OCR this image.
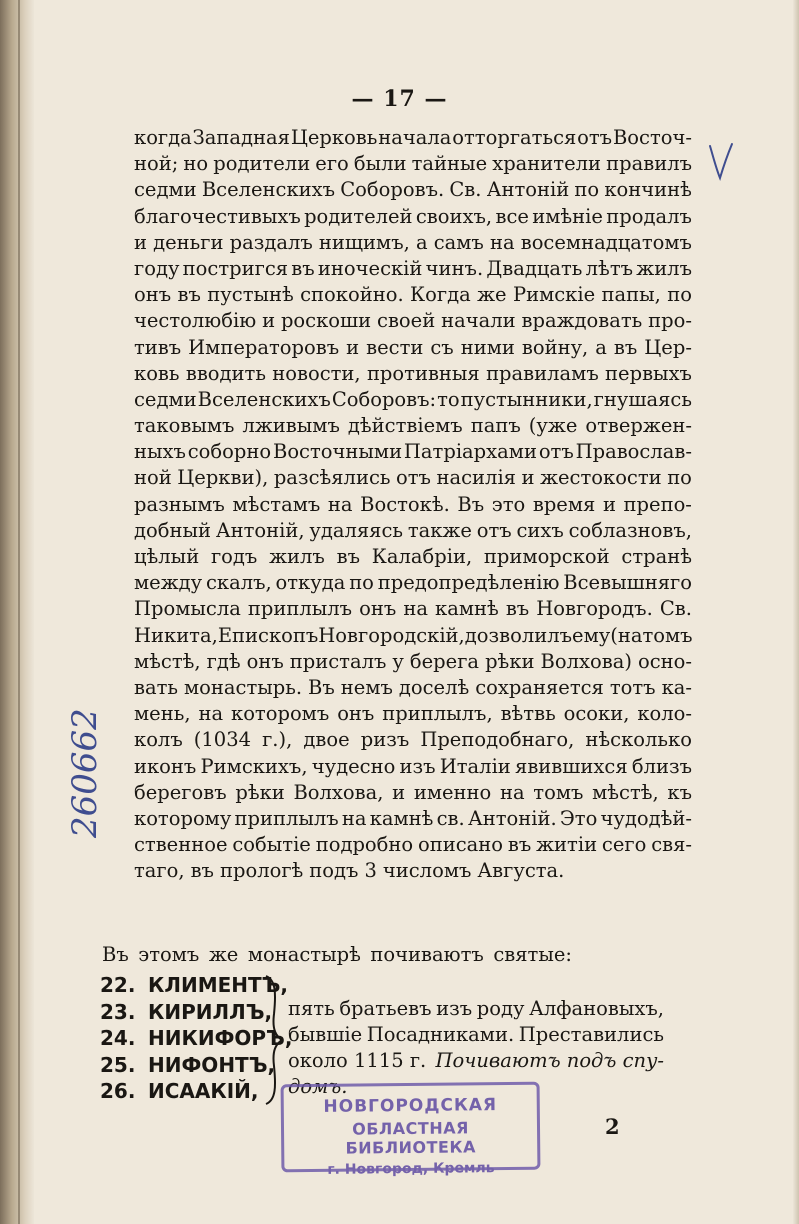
— 17 —
когда Западная Церковь начала отторгаться отъ Восточ-
ной; но родители его были тайные хранители правилъ
седми Вселенскихъ Соборовъ. Св. Антонiй по кончинѣ
благочестивыхъ родителей своихъ, все имѣнiе продалъ
и деньги раздалъ нищимъ, а самъ на восемнадцатомъ
году постригся въ иноческiй чинъ. Двадцать лѣтъ жилъ
онъ въ пустынѣ спокойно. Когда же Римскiе папы, по
честолюбiю и роскоши своей начали враждовать про-
тивъ Императоровъ и вести съ ними войну, а въ Цер-
ковь вводить новости, противныя правиламъ первыхъ
седми Вселенскихъ Соборовъ: то пустынники, гнушаясь
таковымъ лживымъ дѣйствiемъ папъ (уже отвержен-
ныхъ соборно Восточными Патрiархами отъ Православ-
ной Церкви), разсѣялись отъ насилiя и жестокости по
разнымъ мѣстамъ на Востокѣ. Въ это время и препо-
добный Антонiй, удаляясь также отъ сихъ соблазновъ,
цѣлый годъ жилъ въ Калабрiи, приморской странѣ
между скалъ, откуда по предопредѣленiю Всевышняго
Промысла приплылъ онъ на камнѣ въ Новгородъ. Св.
Никита, Епископъ Новгородскiй, дозволилъ ему (на томъ
мѣстѣ, гдѣ онъ присталъ у берега рѣки Волхова) осно-
вать монастырь. Въ немъ доселѣ сохраняется тотъ ка-
мень, на которомъ онъ приплылъ, вѣтвь осоки, коло-
колъ (1034 г.), двое ризъ Преподобнаго, нѣсколько
иконъ Римскихъ, чудесно изъ Италiи явившихся близъ
береговъ рѣки Волхова, и именно на томъ мѣстѣ, къ
которому приплылъ на камнѣ св. Антонiй. Это чудодѣй-
ственное событiе подробно описано въ житiи сего свя-
таго, въ прологѣ подъ 3 числомъ Августа.
260662
Въ этомъ же монастырѣ почиваютъ святые:
22. КЛИМЕНТЪ,
23. КИРИЛЛЪ,
24. НИКИФОРЪ,
25. НИФОНТЪ,
26. ИСААКIЙ,
пять братьевъ изъ роду Алфановыхъ,
бывшiе Посадниками. Преставились
около 1115 г. Почиваютъ подъ спу-
домъ.
НОВГОРОДСКАЯ
ОБЛАСТНАЯ БИБЛИОТЕКА
г. Новгород, Кремль
2
